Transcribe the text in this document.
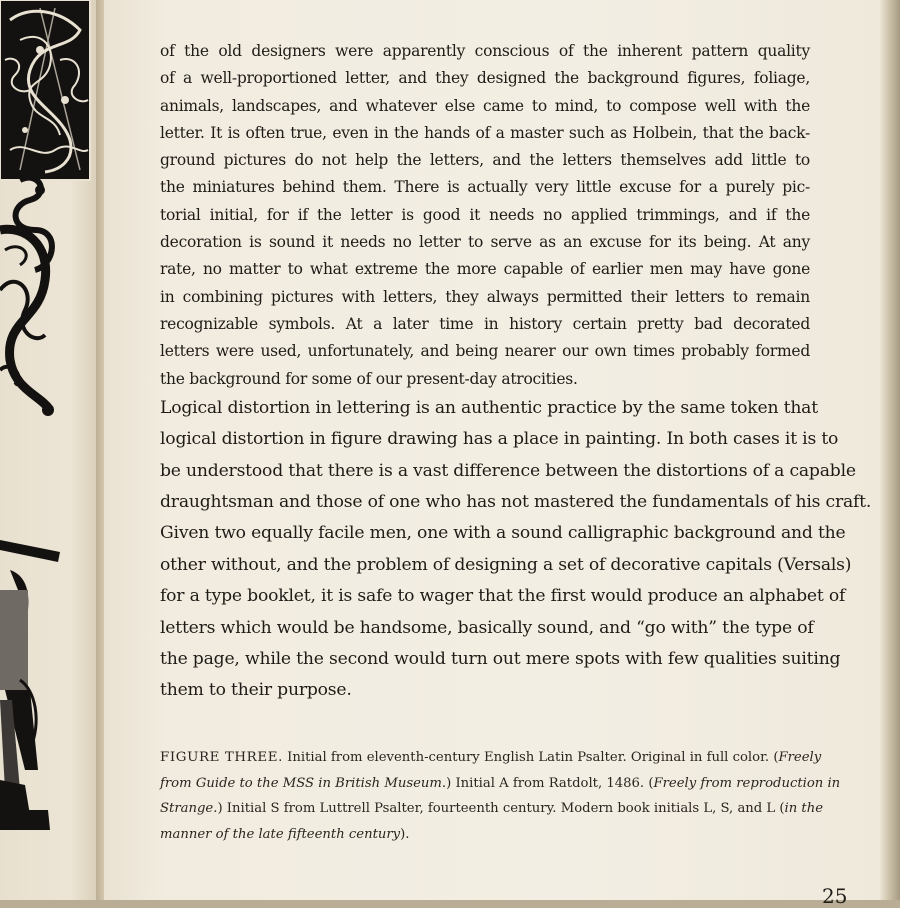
of the old designers were apparently conscious of the inherent pattern quality
of a well-proportioned letter, and they designed the background figures, foliage,
animals, landscapes, and whatever else came to mind, to compose well with the
letter. It is often true, even in the hands of a master such as Holbein, that the back-
ground pictures do not help the letters, and the letters themselves add little to
the miniatures behind them. There is actually very little excuse for a purely pic-
torial initial, for if the letter is good it needs no applied trimmings, and if the
decoration is sound it needs no letter to serve as an excuse for its being. At any
rate, no matter to what extreme the more capable of earlier men may have gone
in combining pictures with letters, they always permitted their letters to remain
recognizable symbols. At a later time in history certain pretty bad decorated
letters were used, unfortunately, and being nearer our own times probably formed
the background for some of our present-day atrocities.
Logical distortion in lettering is an authentic practice by the same token that
logical distortion in figure drawing has a place in painting. In both cases it is to
be understood that there is a vast difference between the distortions of a capable
draughtsman and those of one who has not mastered the fundamentals of his craft.
Given two equally facile men, one with a sound calligraphic background and the
other without, and the problem of designing a set of decorative capitals (Versals)
for a type booklet, it is safe to wager that the first would produce an alphabet of
letters which would be handsome, basically sound, and “go with” the type of
the page, while the second would turn out mere spots with few qualities suiting
them to their purpose.
FIGURE THREE. Initial from eleventh-century English Latin Psalter. Original in full color. (Freely
from Guide to the MSS in British Museum.) Initial A from Ratdolt, 1486. (Freely from reproduction in
Strange.) Initial S from Luttrell Psalter, fourteenth century. Modern book initials L, S, and L (in the
manner of the late fifteenth century).
25
